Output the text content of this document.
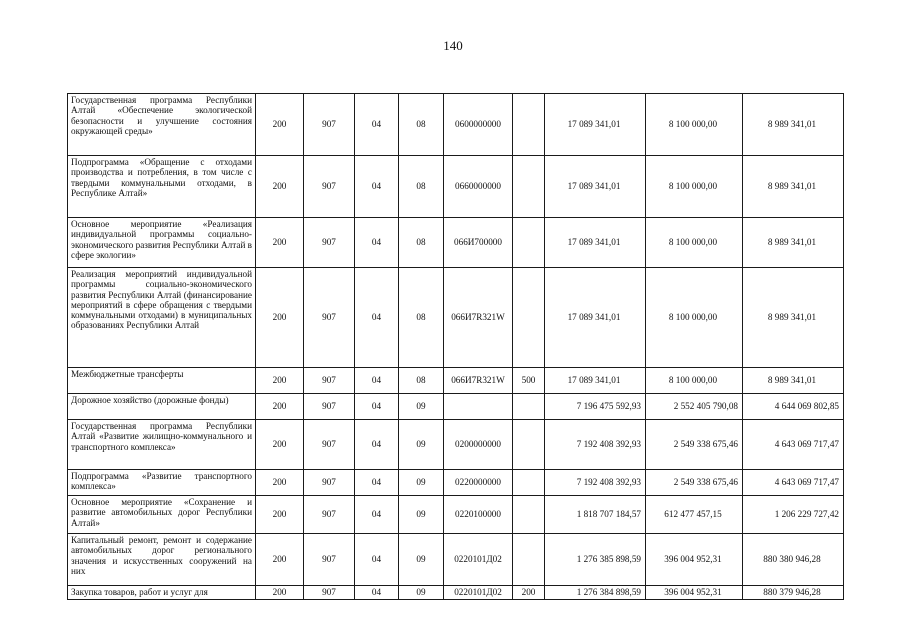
140
Государственная программа Республики Алтай «Обеспечение экологической безопасности и улучшение состояния окружающей среды»	200	907	04	08	0600000000		17 089 341,01	8 100 000,00	8 989 341,01
Подпрограмма «Обращение с отходами производства и потребления, в том числе с твердыми коммунальными отходами, в Республике Алтай»	200	907	04	08	0660000000		17 089 341,01	8 100 000,00	8 989 341,01
Основное мероприятие «Реализация индивидуальной программы социально-экономического развития Республики Алтай в сфере экологии»	200	907	04	08	066И700000		17 089 341,01	8 100 000,00	8 989 341,01
Реализация мероприятий индивидуальной программы социально-экономического развития Республики Алтай (финансирование мероприятий в сфере обращения с твердыми коммунальными отходами) в муниципальных образованиях Республики Алтай	200	907	04	08	066И7R321W		17 089 341,01	8 100 000,00	8 989 341,01
Межбюджетные трансферты	200	907	04	08	066И7R321W	500	17 089 341,01	8 100 000,00	8 989 341,01
Дорожное хозяйство (дорожные фонды)	200	907	04	09			7 196 475 592,93	2 552 405 790,08	4 644 069 802,85
Государственная программа Республики Алтай «Развитие жилищно-коммунального и транспортного комплекса»	200	907	04	09	0200000000		7 192 408 392,93	2 549 338 675,46	4 643 069 717,47
Подпрограмма «Развитие транспортного комплекса»	200	907	04	09	0220000000		7 192 408 392,93	2 549 338 675,46	4 643 069 717,47
Основное мероприятие «Сохранение и развитие автомобильных дорог Республики Алтай»	200	907	04	09	0220100000		1 818 707 184,57	612 477 457,15	1 206 229 727,42
Капитальный ремонт, ремонт и содержание автомобильных дорог регионального значения и искусственных сооружений на них	200	907	04	09	0220101Д02		1 276 385 898,59	396 004 952,31	880 380 946,28
Закупка товаров, работ и услуг для	200	907	04	09	0220101Д02	200	1 276 384 898,59	396 004 952,31	880 379 946,28
